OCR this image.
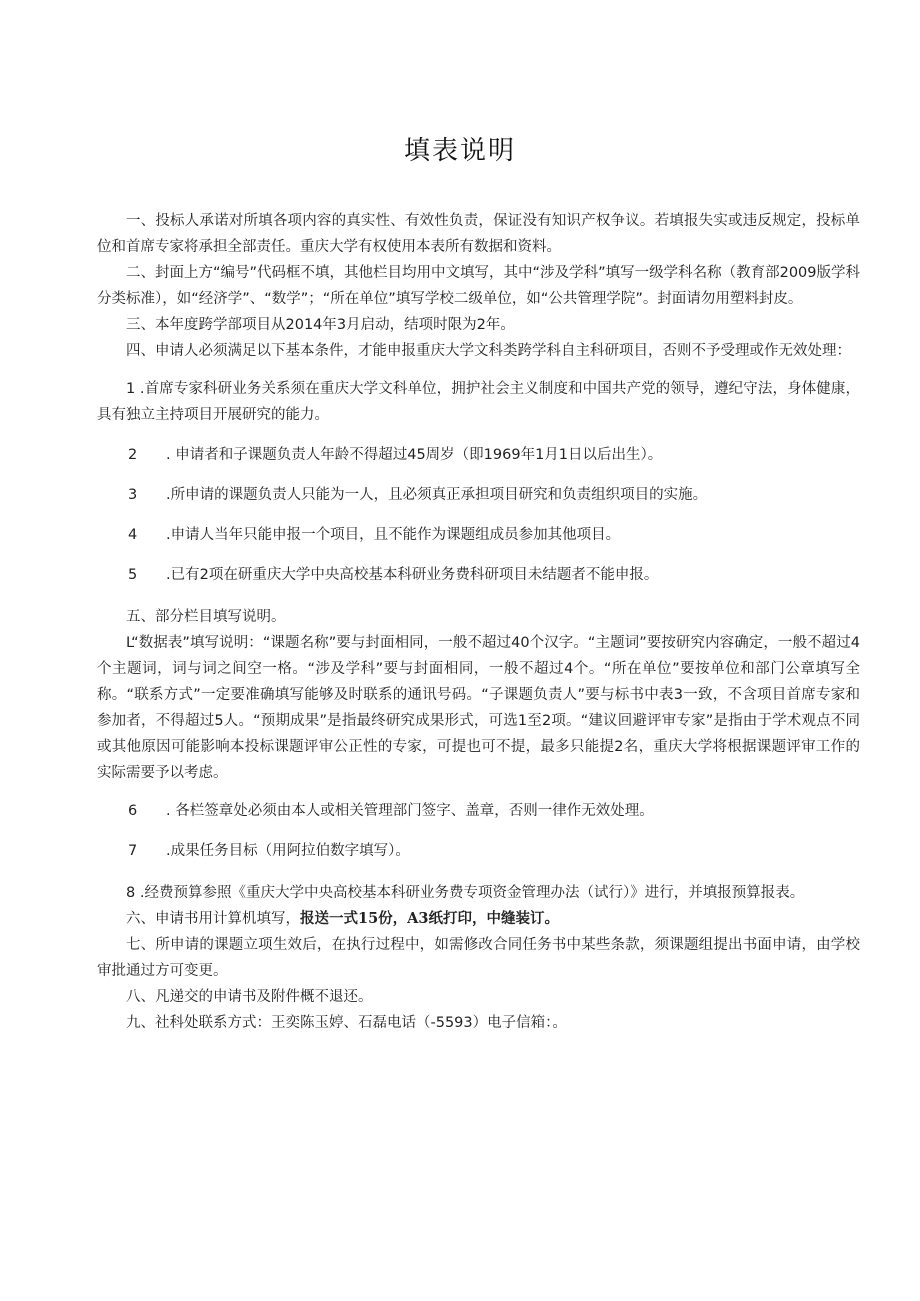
填表说明

一、投标人承诺对所填各项内容的真实性、有效性负责，保证没有知识产权争议。若填报失实或违反规定，投标单位和首席专家将承担全部责任。重庆大学有权使用本表所有数据和资料。

二、封面上方“编号”代码框不填，其他栏目均用中文填写，其中“涉及学科”填写一级学科名称（教育部2009版学科分类标准），如“经济学”、“数学”；“所在单位”填写学校二级单位，如“公共管理学院”。封面请勿用塑料封皮。

三、本年度跨学部项目从2014年3月启动，结项时限为2年。

四、申请人必须满足以下基本条件，才能申报重庆大学文科类跨学科自主科研项目，否则不予受理或作无效处理：

1 .首席专家科研业务关系须在重庆大学文科单位，拥护社会主义制度和中国共产党的领导，遵纪守法，身体健康，具有独立主持项目开展研究的能力。

2 . 申请者和子课题负责人年龄不得超过45周岁（即1969年1月1日以后出生）。

3 .所申请的课题负责人只能为一人，且必须真正承担项目研究和负责组织项目的实施。

4 .申请人当年只能申报一个项目，且不能作为课题组成员参加其他项目。

5 .已有2项在研重庆大学中央高校基本科研业务费科研项目未结题者不能申报。

五、部分栏目填写说明。

L“数据表”填写说明：“课题名称”要与封面相同，一般不超过40个汉字。“主题词”要按研究内容确定，一般不超过4个主题词，词与词之间空一格。“涉及学科”要与封面相同，一般不超过4个。“所在单位”要按单位和部门公章填写全称。“联系方式”一定要准确填写能够及时联系的通讯号码。“子课题负责人”要与标书中表3一致，不含项目首席专家和参加者，不得超过5人。“预期成果”是指最终研究成果形式，可选1至2项。“建议回避评审专家”是指由于学术观点不同或其他原因可能影响本投标课题评审公正性的专家，可提也可不提，最多只能提2名，重庆大学将根据课题评审工作的实际需要予以考虑。

6 . 各栏签章处必须由本人或相关管理部门签字、盖章，否则一律作无效处理。

7 .成果任务目标（用阿拉伯数字填写）。

8 .经费预算参照《重庆大学中央高校基本科研业务费专项资金管理办法（试行）》进行，并填报预算报表。

六、申请书用计算机填写，报送一式15份，A3纸打印，中缝装订。

七、所申请的课题立项生效后，在执行过程中，如需修改合同任务书中某些条款，须课题组提出书面申请，由学校审批通过方可变更。

八、凡递交的申请书及附件概不退还。

九、社科处联系方式：王奕陈玉婷、石磊电话（-5593）电子信箱：。
